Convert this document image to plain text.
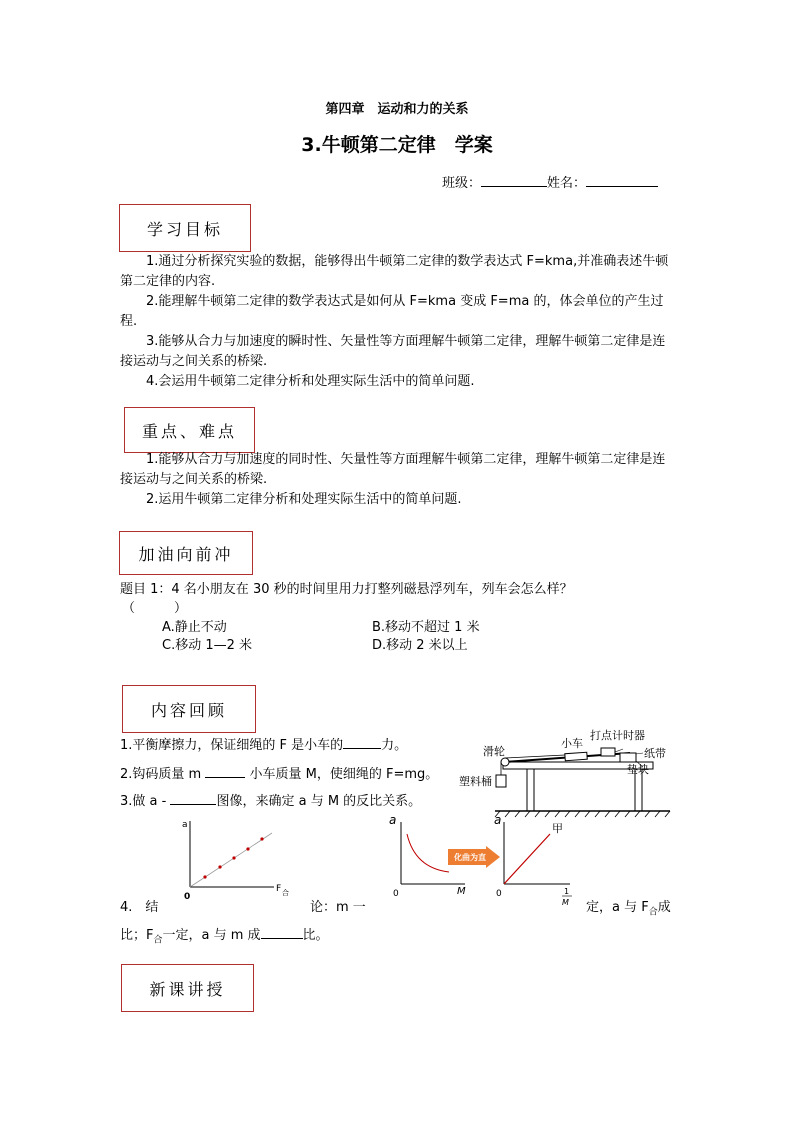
第四章　运动和力的关系
3.牛顿第二定律　学案
班级：	姓名：
学习目标

1.通过分析探究实验的数据，能够得出牛顿第二定律的数学表达式 F=kma,并准确表述牛顿第二定律的内容.

2.能理解牛顿第二定律的数学表达式是如何从 F=kma 变成 F=ma 的，体会单位的产生过程.

3.能够从合力与加速度的瞬时性、矢量性等方面理解牛顿第二定律，理解牛顿第二定律是连接运动与之间关系的桥梁.

4.会运用牛顿第二定律分析和处理实际生活中的简单问题.

重点、难点

1.能够从合力与加速度的同时性、矢量性等方面理解牛顿第二定律，理解牛顿第二定律是连接运动与之间关系的桥梁.

2.运用牛顿第二定律分析和处理实际生活中的简单问题.

加油向前冲
题目 1：4 名小朋友在 30 秒的时间里用力打整列磁悬浮列车，列车会怎么样？
（　　　）
A.静止不动	B.移动不超过 1 米
C.移动 1—2 米	D.移动 2 米以上
内容回顾
1.平衡摩擦力，保证细绳的 F 是小车的	力。
2.钩码质量 m	小车质量 M，使细绳的 F=mg。
3.做 a -	图像，来确定 a 与 M 的反比关系。
滑轮
小车
打点计时器
纸带
垫块
塑料桶
a
0
F 合
a
0	M
化曲为直
a
甲
0	1
M
4.　结	论：m 一	定，a 与 $F_合$成
比；$F_合$一定，a 与 m 成	比。
新课讲授
